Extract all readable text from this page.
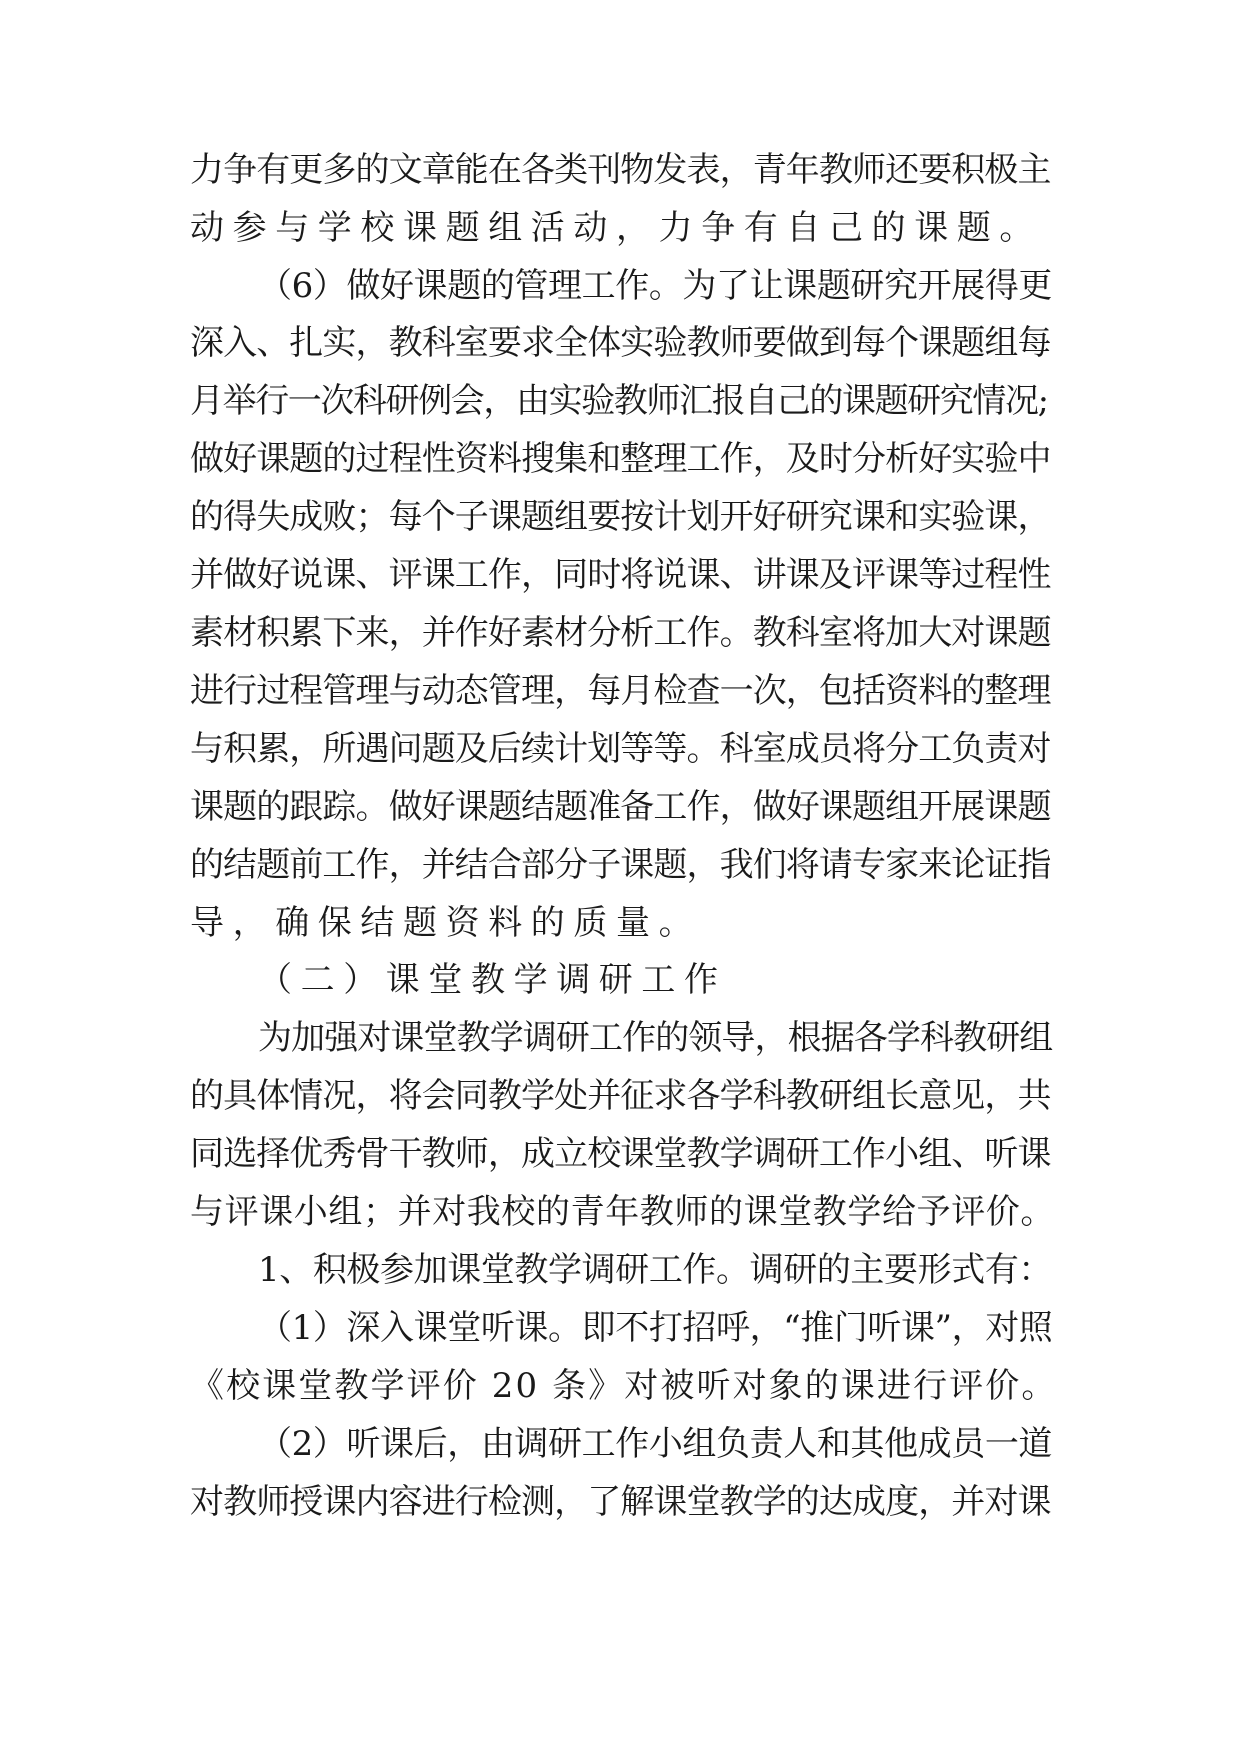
力争有更多的文章能在各类刊物发表，青年教师还要积极主
动参与学校课题组活动，力争有自己的课题。
（6）做好课题的管理工作。为了让课题研究开展得更
深入、扎实，教科室要求全体实验教师要做到每个课题组每
月举行一次科研例会，由实验教师汇报自己的课题研究情况;
做好课题的过程性资料搜集和整理工作，及时分析好实验中
的得失成败；每个子课题组要按计划开好研究课和实验课，
并做好说课、评课工作，同时将说课、讲课及评课等过程性
素材积累下来，并作好素材分析工作。教科室将加大对课题
进行过程管理与动态管理，每月检查一次，包括资料的整理
与积累，所遇问题及后续计划等等。科室成员将分工负责对
课题的跟踪。做好课题结题准备工作，做好课题组开展课题
的结题前工作，并结合部分子课题，我们将请专家来论证指
导，确保结题资料的质量。
（二）课堂教学调研工作
为加强对课堂教学调研工作的领导，根据各学科教研组
的具体情况，将会同教学处并征求各学科教研组长意见，共
同选择优秀骨干教师，成立校课堂教学调研工作小组、听课
与评课小组；并对我校的青年教师的课堂教学给予评价。
1、积极参加课堂教学调研工作。调研的主要形式有：
（1）深入课堂听课。即不打招呼，“推门听课”，对照
《校课堂教学评价 20 条》对被听对象的课进行评价。
（2）听课后，由调研工作小组负责人和其他成员一道
对教师授课内容进行检测，了解课堂教学的达成度，并对课
